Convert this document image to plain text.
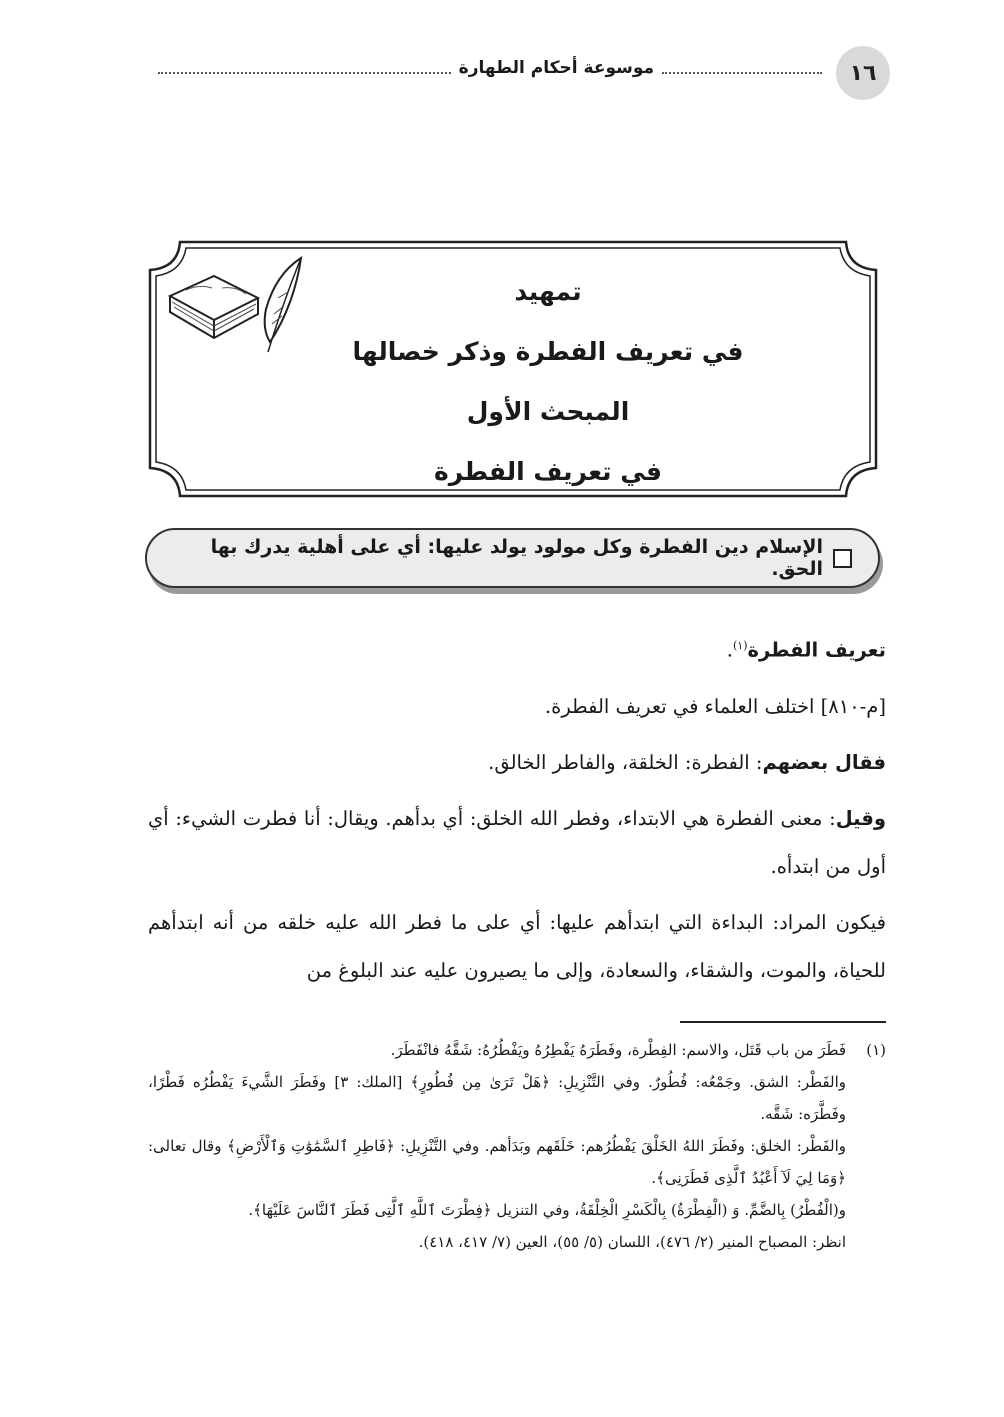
١٦
موسوعة أحكام الطهارة
تمهيد
في تعريف الفطرة وذكر خصالها
المبحث الأول
في تعريف الفطرة
الإسلام دين الفطرة وكل مولود يولد عليها: أي على أهلية يدرك بها الحق.

تعريف الفطرة$^{(١)}$.

[م-٨١٠] اختلف العلماء في تعريف الفطرة.

فقال بعضهم: الفطرة: الخلقة، والفاطر الخالق.

وقيل: معنى الفطرة هي الابتداء، وفطر الله الخلق: أي بدأهم. ويقال: أنا فطرت الشيء: أي أول من ابتدأه.

فيكون المراد: البداءة التي ابتدأهم عليها: أي على ما فطر الله عليه خلقه من أنه ابتدأهم للحياة، والموت، والشقاء، والسعادة، وإلى ما يصيرون عليه عند البلوغ من

(١)فَطَرَ من باب قَتَل، والاسم: الفِطْرة، وفَطَرَهُ يَفْطِرُهُ ويَفْطُرُهُ: شَقَّهُ فانْفَطَرَ.

والفَطْر: الشق. وجَمْعُه: فُطُورٌ. وفي التَّنْزِيلِ: ﴿هَلْ تَرَىٰ مِن فُطُورٍ﴾ [الملك: ٣] وفَطَرَ الشَّيءَ يَفْطُرُه فَطْرًا، وفَطَّرَه: شَقَّه.

والفَطْر: الخلق: وفَطَرَ اللهُ الخَلْقَ يَفْطُرُهم: خَلَقَهم وبَدَأهم. وفي التَّنْزِيلِ: ﴿فَاطِرِ ٱلسَّمَٰوَٰتِ وَٱلْأَرْضِ﴾ وقال تعالى: ﴿وَمَا لِيَ لَآ أَعْبُدُ ٱلَّذِى فَطَرَنِى﴾.

و(الْفُطْرُ) بِالضَّمِّ. وَ (الْفِطْرَةُ) بِالْكَسْرِ الْخِلْقَةُ، وفي التنزيل ﴿فِطْرَتَ ٱللَّهِ ٱلَّتِى فَطَرَ ٱلنَّاسَ عَلَيْهَا﴾.

انظر: المصباح المنير (٢/ ٤٧٦)، اللسان (٥/ ٥٥)، العين (٧/ ٤١٧، ٤١٨).
